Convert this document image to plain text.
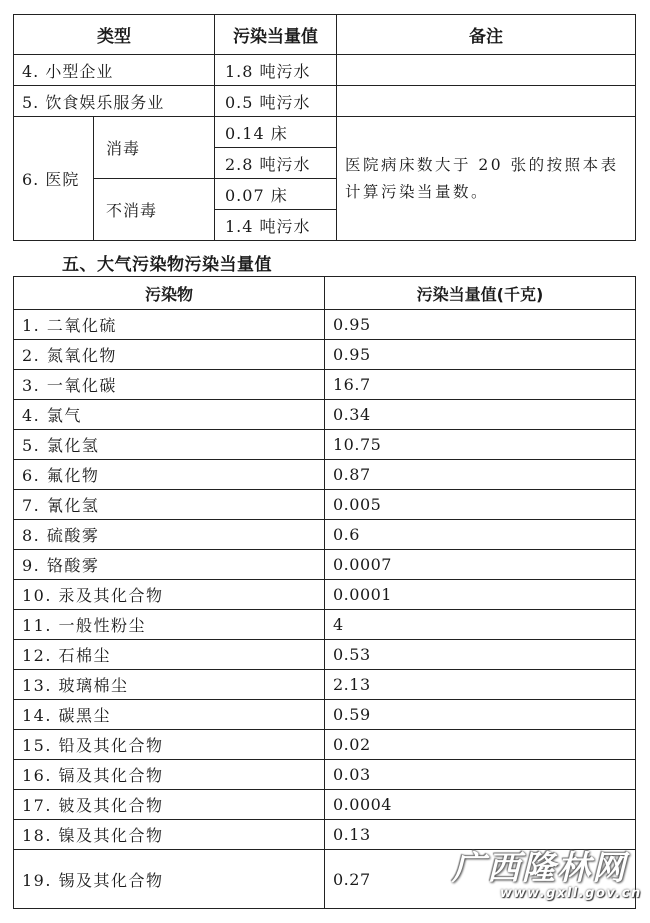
类型		污染当量值	备注
4. 小型企业		1.8 吨污水	
5. 饮食娱乐服务业		0.5 吨污水	
6. 医院	消毒	0.14 床	医院病床数大于 20 张的按照本表计算污染当量数。
		2.8 吨污水	
	不消毒	0.07 床	
		1.4 吨污水	
五、大气污染物污染当量值
污染物	污染当量值(千克)
1. 二氧化硫	0.95
2. 氮氧化物	0.95
3. 一氧化碳	16.7
4. 氯气	0.34
5. 氯化氢	10.75
6. 氟化物	0.87
7. 氰化氢	0.005
8. 硫酸雾	0.6
9. 铬酸雾	0.0007
10. 汞及其化合物	0.0001
11. 一般性粉尘	4
12. 石棉尘	0.53
13. 玻璃棉尘	2.13
14. 碳黑尘	0.59
15. 铅及其化合物	0.02
16. 镉及其化合物	0.03
17. 铍及其化合物	0.0004
18. 镍及其化合物	0.13
19. 锡及其化合物	0.27 广西隆林网
www.gxll.gov.cn
